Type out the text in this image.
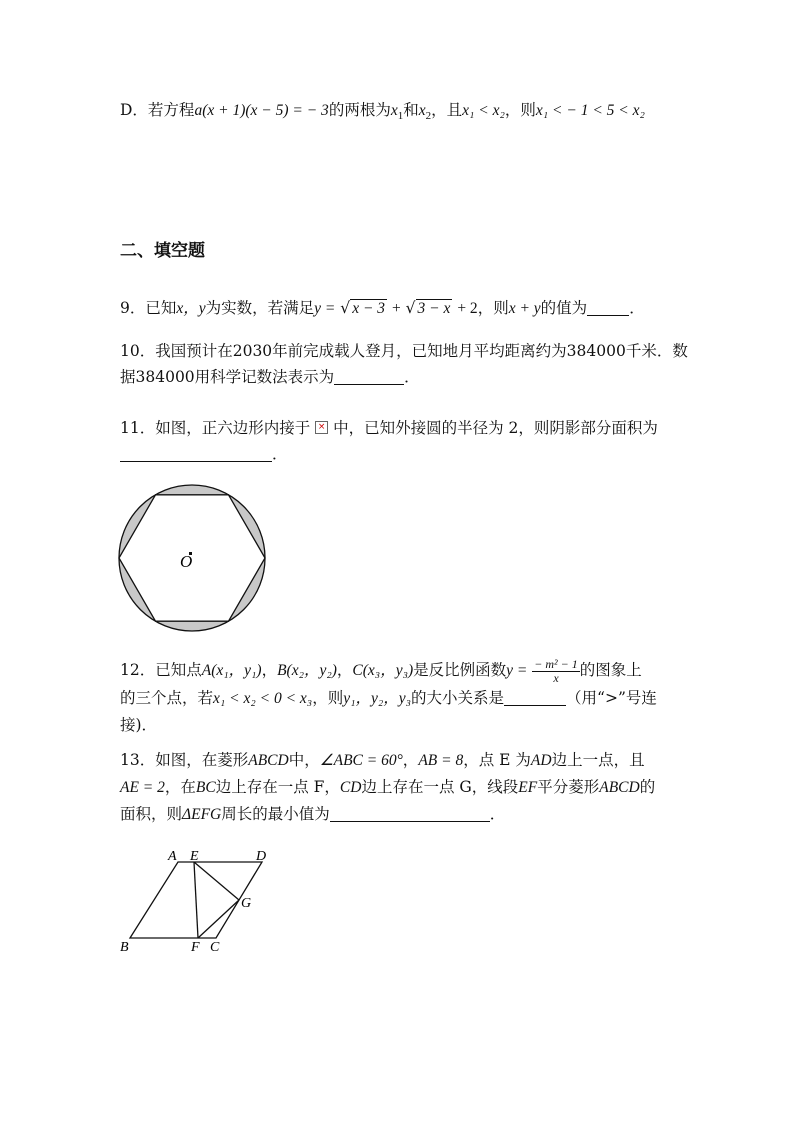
D．若方程a(x + 1)(x − 5) = − 3的两根为$x_1$和$x_2$，且x₁ < x₂，则x₁ < − 1 < 5 < x₂
二、填空题
9．已知x，y为实数，若满足y = √ x − 3 + √ 3 − x + 2，则x + y的值为	．
10．我国预计在2030年前完成载人登月，已知地月平均距离约为384000千米．数
据384000用科学记数法表示为	．
11．如图，正六边形内接于 × 中，已知外接圆的半径为 2，则阴影部分面积为
．
O
12．已知点A(x₁，y₁)，B(x₂，y₂)，C(x₃，y₃)是反比例函数$y = \frac{\text{− m² − 1}}{x}$ 的图象上
的三个点，若x₁ < x₂ < 0 < x₃，则y₁，y₂，y₃的大小关系是	（用“>”号连
接)．
13．如图，在菱形ABCD中，∠ABC = 60°，AB = 8，点 E 为AD边上一点，且
AE = 2，在BC边上存在一点 F，CD边上存在一点 G，线段EF平分菱形ABCD的
面积，则ΔEFG周长的最小值为	．
A E	D
G
B	F C
